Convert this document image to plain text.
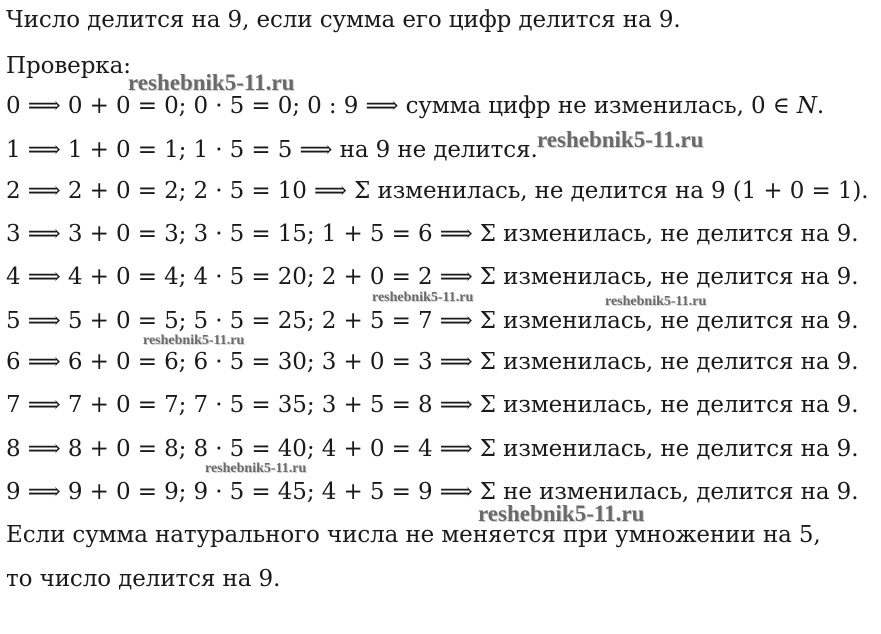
Число делится на 9, если сумма его цифр делится на 9.
Проверка:
0 ⟹ 0 + 0 = 0; 0 · 5 = 0; 0 : 9 ⟹ сумма цифр не изменилась, 0 ∈ 𝑁.
1 ⟹ 1 + 0 = 1; 1 · 5 = 5 ⟹ на 9 не делится.
2 ⟹ 2 + 0 = 2; 2 · 5 = 10 ⟹ Σ изменилась, не делится на 9 (1 + 0 = 1).
3 ⟹ 3 + 0 = 3; 3 · 5 = 15; 1 + 5 = 6 ⟹ Σ изменилась, не делится на 9.
4 ⟹ 4 + 0 = 4; 4 · 5 = 20; 2 + 0 = 2 ⟹ Σ изменилась, не делится на 9.
5 ⟹ 5 + 0 = 5; 5 · 5 = 25; 2 + 5 = 7 ⟹ Σ изменилась, не делится на 9.
6 ⟹ 6 + 0 = 6; 6 · 5 = 30; 3 + 0 = 3 ⟹ Σ изменилась, не делится на 9.
7 ⟹ 7 + 0 = 7; 7 · 5 = 35; 3 + 5 = 8 ⟹ Σ изменилась, не делится на 9.
8 ⟹ 8 + 0 = 8; 8 · 5 = 40; 4 + 0 = 4 ⟹ Σ изменилась, не делится на 9.
9 ⟹ 9 + 0 = 9; 9 · 5 = 45; 4 + 5 = 9 ⟹ Σ не изменилась, делится на 9.
Если сумма натурального числа не меняется при умножении на 5,
то число делится на 9.
reshebnik5-11.ru
reshebnik5-11.ru
reshebnik5-11.ru	reshebnik5-11.ru
reshebnik5-11.ru
reshebnik5-11.ru
reshebnik5-11.ru
